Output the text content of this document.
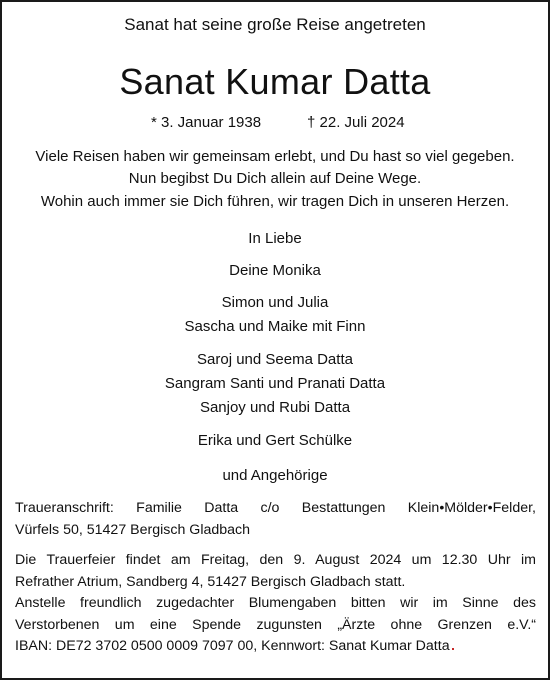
Sanat hat seine große Reise angetreten
Sanat Kumar Datta
* 3. Januar 1938	† 22. Juli 2024
Viele Reisen haben wir gemeinsam erlebt, und Du hast so viel gegeben.
Nun begibst Du Dich allein auf Deine Wege.
Wohin auch immer sie Dich führen, wir tragen Dich in unseren Herzen.
In Liebe
Deine Monika
Simon und Julia
Sascha und Maike mit Finn
Saroj und Seema Datta
Sangram Santi und Pranati Datta
Sanjoy und Rubi Datta
Erika und Gert Schülke
und Angehörige
Traueranschrift: Familie Datta c/o Bestattungen Klein•Mölder•Felder,
Vürfels 50, 51427 Bergisch Gladbach
Die Trauerfeier findet am Freitag, den 9. August 2024 um 12.30 Uhr im
Refrather Atrium, Sandberg 4, 51427 Bergisch Gladbach statt.
Anstelle freundlich zugedachter Blumengaben bitten wir im Sinne des
Verstorbenen um eine Spende zugunsten „Ärzte ohne Grenzen e.V.“
IBAN: DE72 3702 0500 0009 7097 00, Kennwort: Sanat Kumar Datta
